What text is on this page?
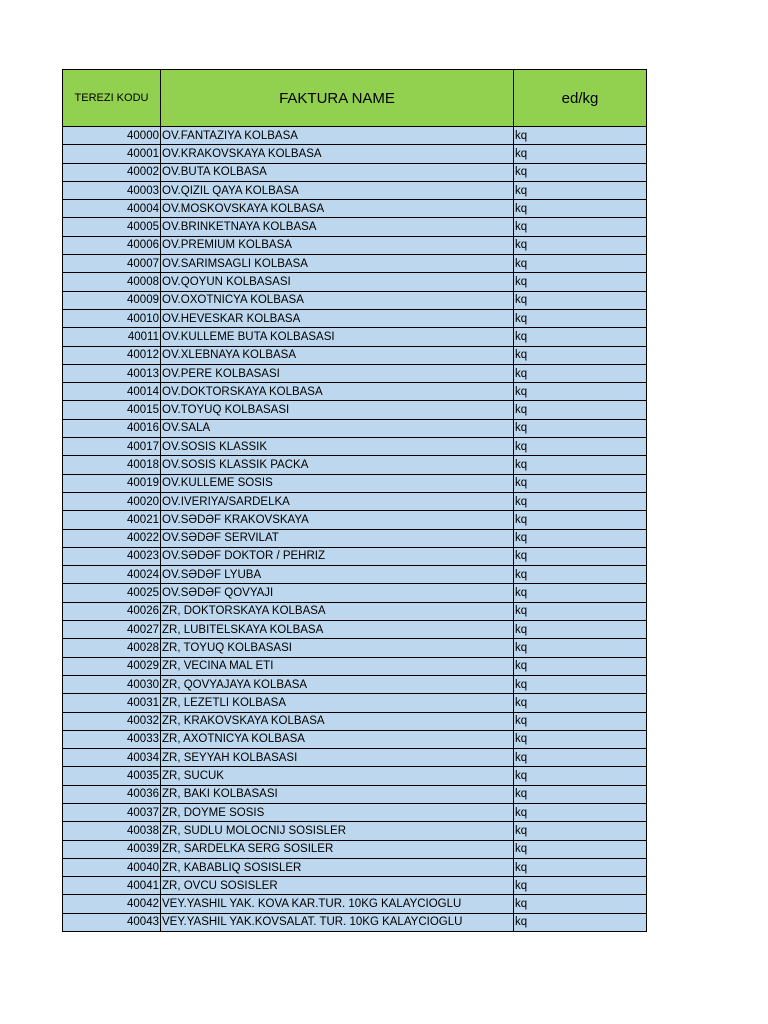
TEREZI KODU	FAKTURA NAME	ed/kg
40000	OV.FANTAZIYA KOLBASA	kq
40001	OV.KRAKOVSKAYA KOLBASA	kq
40002	OV.BUTA KOLBASA	kq
40003	OV.QIZIL QAYA KOLBASA	kq
40004	OV.MOSKOVSKAYA KOLBASA	kq
40005	OV.BRINKETNAYA KOLBASA	kq
40006	OV.PREMIUM KOLBASA	kq
40007	OV.SARIMSAGLI KOLBASA	kq
40008	OV.QOYUN KOLBASASI	kq
40009	OV.OXOTNICYA KOLBASA	kq
40010	OV.HEVESKAR KOLBASA	kq
40011	OV.KULLEME BUTA KOLBASASI	kq
40012	OV.XLEBNAYA KOLBASA	kq
40013	OV.PERE KOLBASASI	kq
40014	OV.DOKTORSKAYA KOLBASA	kq
40015	OV.TOYUQ KOLBASASI	kq
40016	OV.SALA	kq
40017	OV.SOSIS KLASSIK	kq
40018	OV.SOSIS KLASSIK PACKA	kq
40019	OV.KULLEME SOSIS	kq
40020	OV.IVERIYA/SARDELKA	kq
40021	OV.SƏDƏF KRAKOVSKAYA	kq
40022	OV.SƏDƏF SERVILAT	kq
40023	OV.SƏDƏF DOKTOR / PEHRIZ	kq
40024	OV.SƏDƏF LYUBA	kq
40025	OV.SƏDƏF QOVYAJI	kq
40026	ZR, DOKTORSKAYA KOLBASA	kq
40027	ZR, LUBITELSKAYA KOLBASA	kq
40028	ZR, TOYUQ KOLBASASI	kq
40029	ZR, VECINA MAL ETI	kq
40030	ZR, QOVYAJAYA KOLBASA	kq
40031	ZR, LEZETLI KOLBASA	kq
40032	ZR, KRAKOVSKAYA KOLBASA	kq
40033	ZR, AXOTNICYA KOLBASA	kq
40034	ZR, SEYYAH KOLBASASI	kq
40035	ZR, SUCUK	kq
40036	ZR, BAKI KOLBASASI	kq
40037	ZR, DOYME SOSIS	kq
40038	ZR, SUDLU MOLOCNIJ SOSISLER	kq
40039	ZR, SARDELKA SERG SOSILER	kq
40040	ZR, KABABLIQ SOSISLER	kq
40041	ZR, OVCU SOSISLER	kq
40042	VEY.YASHIL YAK. KOVA KAR.TUR. 10KG KALAYCIOGLU	kq
40043	VEY.YASHIL YAK.KOVSALAT. TUR. 10KG KALAYCIOGLU	kq
